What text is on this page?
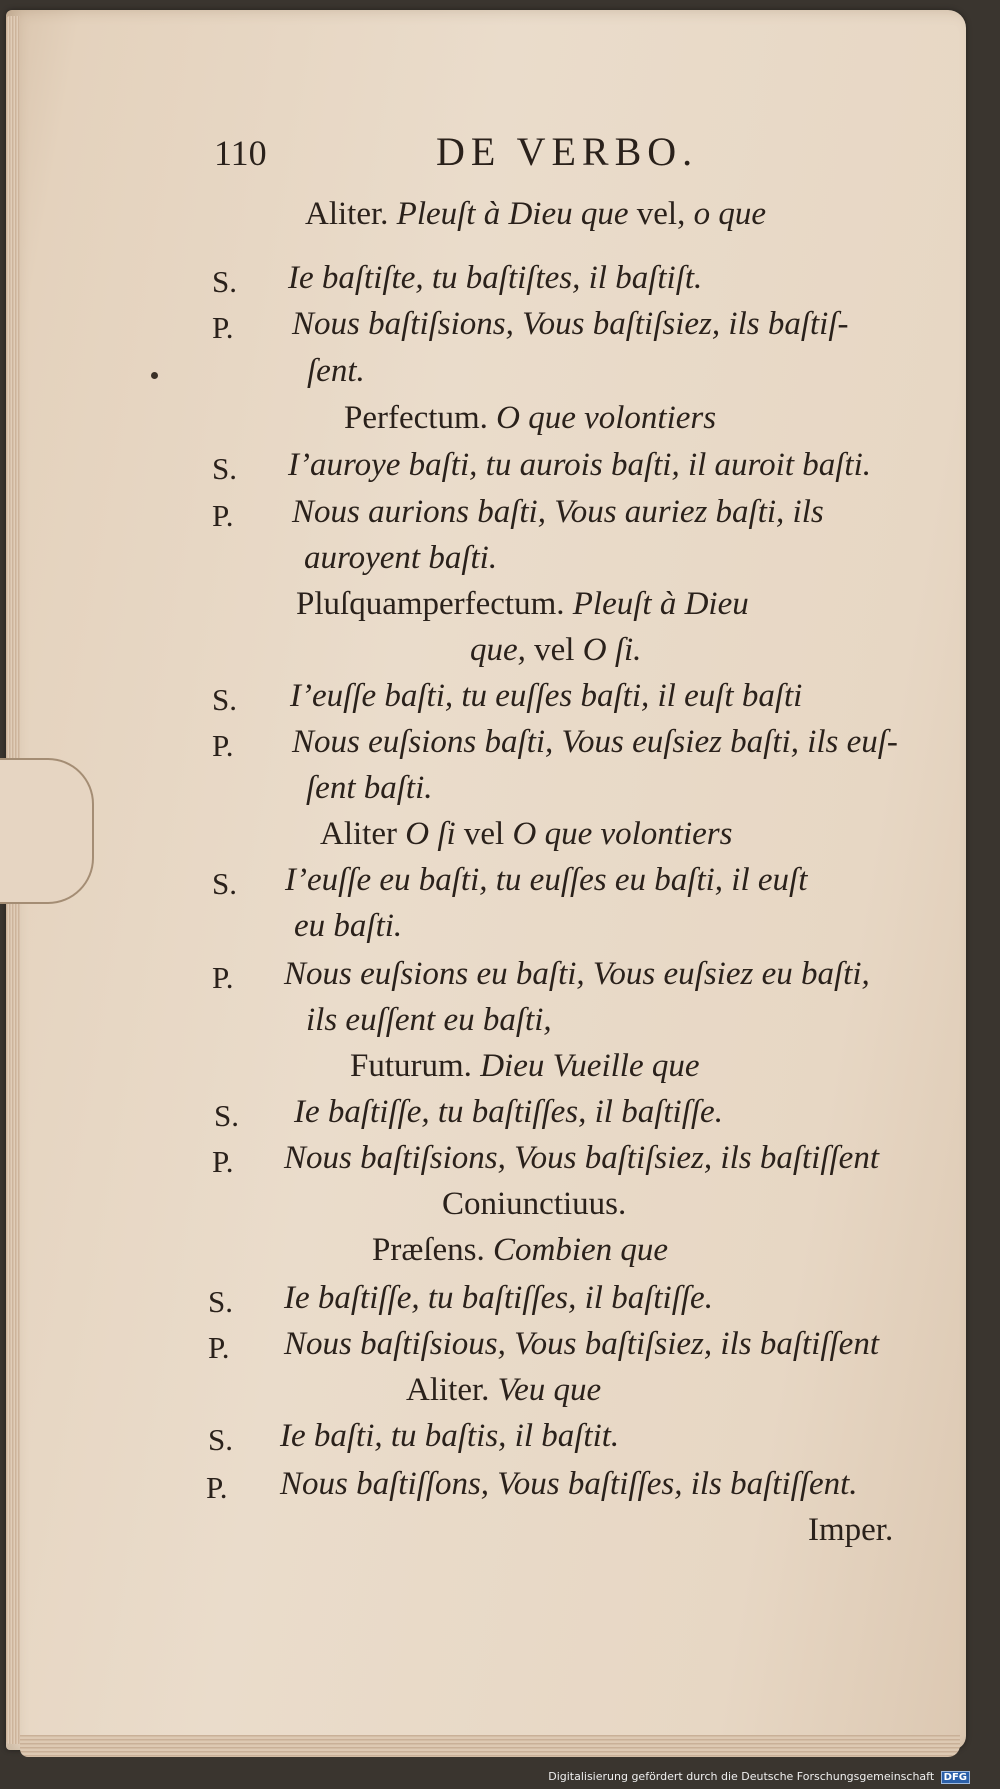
110	DE VERBO.
Aliter. Pleuſt à Dieu que vel, o que
S. Ie baſtiſte, tu baſtiſtes, il baſtiſt.
P. Nous baſtiſsions, Vous baſtiſsiez, ils baſtiſ-
ſent.
Perfectum. O que volontiers
S. I’auroye baſti, tu aurois baſti, il auroit baſti.
P. Nous aurions baſti, Vous auriez baſti, ils
auroyent baſti.
Pluſquamperfectum. Pleuſt à Dieu
que, vel O ſi.
S. I’euſſe baſti, tu euſſes baſti, il euſt baſti
P. Nous euſsions baſti, Vous euſsiez baſti, ils euſ-
ſent baſti.
Aliter O ſi vel O que volontiers
S. I’euſſe eu baſti, tu euſſes eu baſti, il euſt
eu baſti.
P. Nous euſsions eu baſti, Vous euſsiez eu baſti,
ils euſſent eu baſti,
Futurum. Dieu Vueille que
S. Ie baſtiſſe, tu baſtiſſes, il baſtiſſe.
P. Nous baſtiſsions, Vous baſtiſsiez, ils baſtiſſent
Coniunctiuus.
Præſens. Combien que
S. Ie baſtiſſe, tu baſtiſſes, il baſtiſſe.
P. Nous baſtiſsious, Vous baſtiſsiez, ils baſtiſſent
Aliter. Veu que
S. Ie baſti, tu baſtis, il baſtit.
P. Nous baſtiſſons, Vous baſtiſſes, ils baſtiſſent.
Imper.
Digitalisierung gefördert durch die Deutsche Forschungsgemeinschaft DFG
